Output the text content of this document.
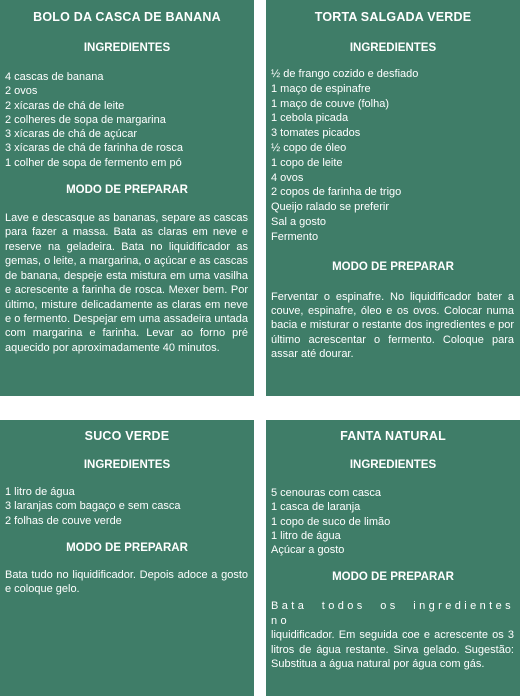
BOLO DA CASCA DE BANANA

INGREDIENTES

4 cascas de banana
2 ovos
2 xícaras de chá de leite
2 colheres de sopa de margarina
3 xícaras de chá de açúcar
3 xícaras de chá de farinha de rosca
1 colher de sopa de fermento em pó

MODO DE PREPARAR

Lave e descasque as bananas, separe as cascas para fazer a massa. Bata as claras em neve e reserve na geladeira. Bata no liquidificador as gemas, o leite, a margarina, o açúcar e as cascas de banana, despeje esta mistura em uma vasilha e acrescente a farinha de rosca. Mexer bem. Por último, misture delicadamente as claras em neve e o fermento. Despejar em uma assadeira untada com margarina e farinha. Levar ao forno pré aquecido por aproximadamente 40 minutos.

TORTA SALGADA VERDE

INGREDIENTES

½ de frango cozido e desfiado
1 maço de espinafre
1 maço de couve (folha)
1 cebola picada
3 tomates picados
½ copo de óleo
1 copo de leite
4 ovos
2 copos de farinha de trigo
Queijo ralado se preferir
Sal a gosto
Fermento

MODO DE PREPARAR

Ferventar o espinafre. No liquidificador bater a couve, espinafre, óleo e os ovos. Colocar numa bacia e misturar o restante dos ingredientes e por último acrescentar o fermento. Coloque para assar até dourar.

SUCO VERDE

INGREDIENTES

1 litro de água
3 laranjas com bagaço e sem casca
2 folhas de couve verde

MODO DE PREPARAR

Bata tudo no liquidificador. Depois adoce a gosto e coloque gelo.

FANTA NATURAL

INGREDIENTES

5 cenouras com casca
1 casca de laranja
1 copo de suco de limão
1 litro de água
Açúcar a gosto

MODO DE PREPARAR

Bata todos os ingredientes no

liquidificador. Em seguida coe e acrescente os 3 litros de água restante. Sirva gelado. Sugestão: Substitua a água natural por água com gás.
